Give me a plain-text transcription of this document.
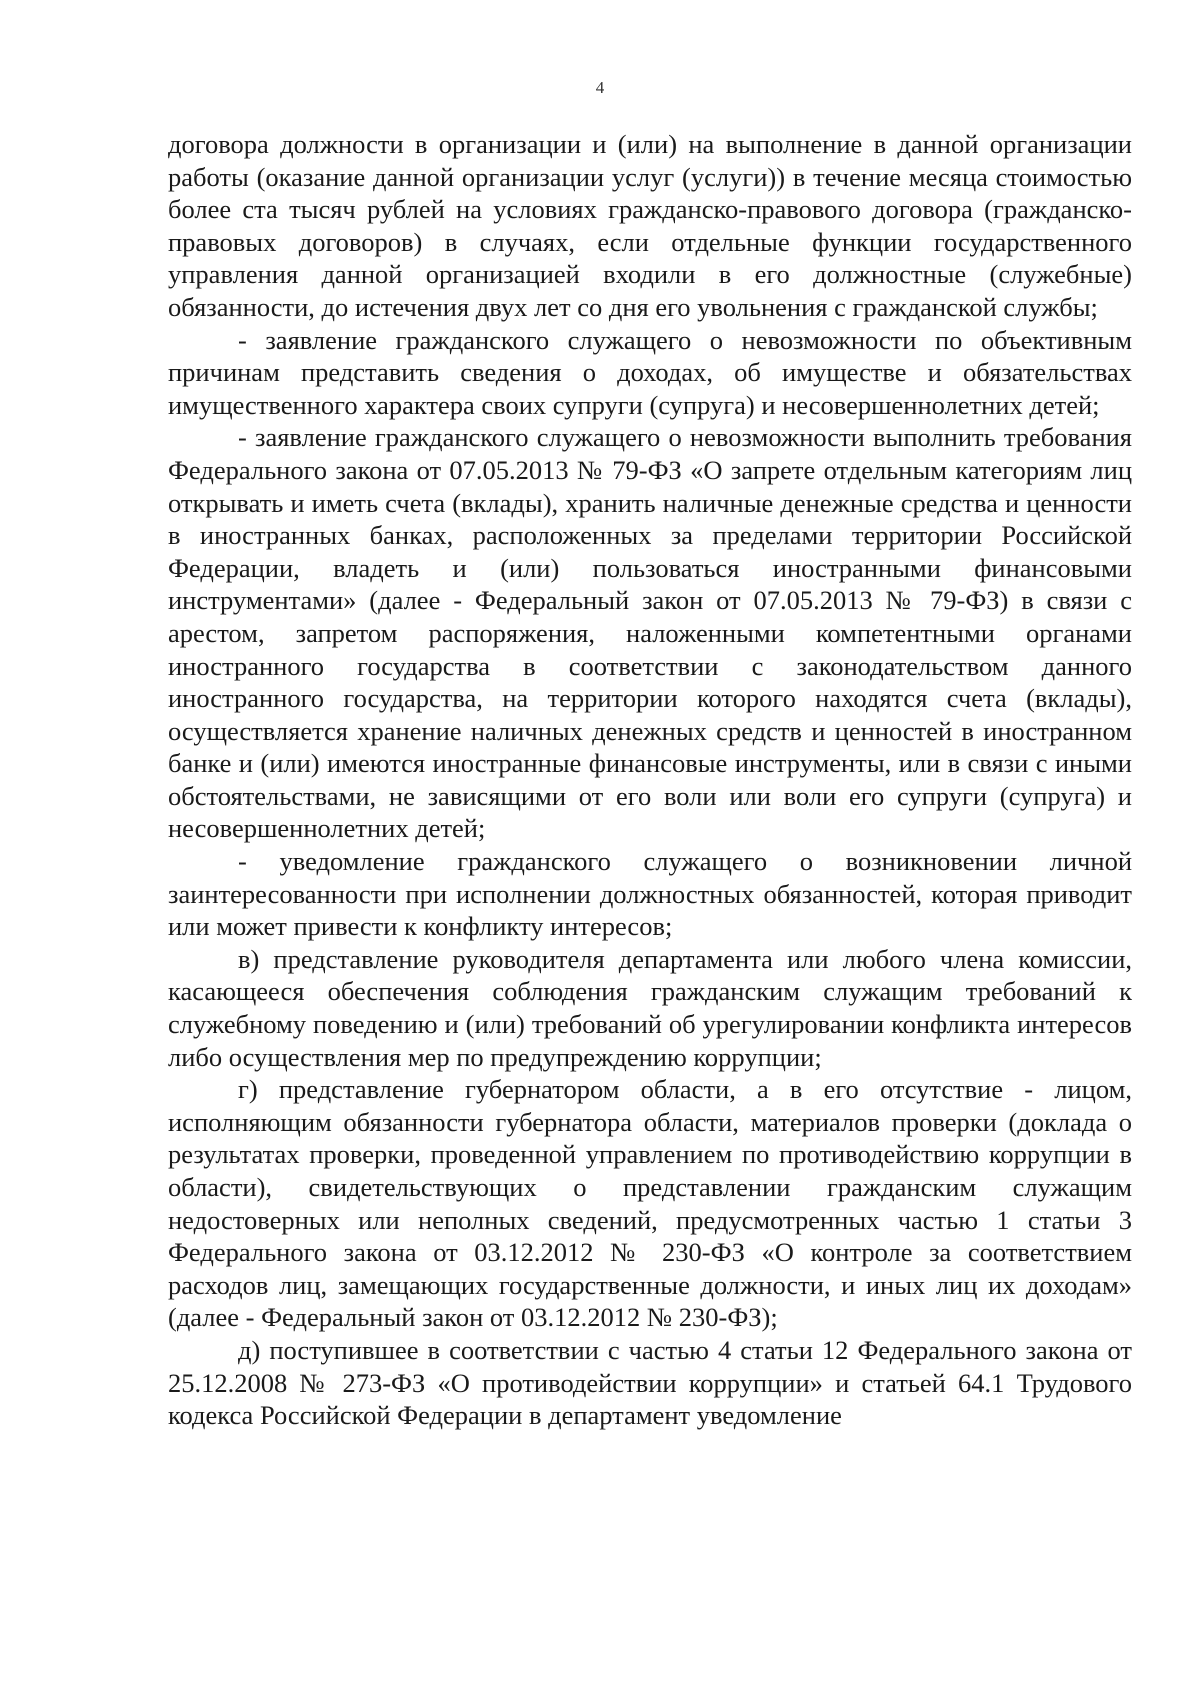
4

договора должности в организации и (или) на выполнение в данной организации работы (оказание данной организации услуг (услуги)) в течение месяца стоимостью более ста тысяч рублей на условиях гражданско-правового договора (гражданско-правовых договоров) в случаях, если отдельные функции государственного управления данной организацией входили в его должностные (служебные) обязанности, до истечения двух лет со дня его увольнения с гражданской службы;

- заявление гражданского служащего о невозможности по объективным причинам представить сведения о доходах, об имуществе и обязательствах имущественного характера своих супруги (супруга) и несовершеннолетних детей;

- заявление гражданского служащего о невозможности выполнить требования Федерального закона от 07.05.2013 № 79-ФЗ «О запрете отдельным категориям лиц открывать и иметь счета (вклады), хранить наличные денежные средства и ценности в иностранных банках, расположенных за пределами территории Российской Федерации, владеть и (или) пользоваться иностранными финансовыми инструментами» (далее - Федеральный закон от 07.05.2013 № 79-ФЗ) в связи с арестом, запретом распоряжения, наложенными компетентными органами иностранного государства в соответствии с законодательством данного иностранного государства, на территории которого находятся счета (вклады), осуществляется хранение наличных денежных средств и ценностей в иностранном банке и (или) имеются иностранные финансовые инструменты, или в связи с иными обстоятельствами, не зависящими от его воли или воли его супруги (супруга) и несовершеннолетних детей;

- уведомление гражданского служащего о возникновении личной заинтересованности при исполнении должностных обязанностей, которая приводит или может привести к конфликту интересов;

в) представление руководителя департамента или любого члена комиссии, касающееся обеспечения соблюдения гражданским служащим требований к служебному поведению и (или) требований об урегулировании конфликта интересов либо осуществления мер по предупреждению коррупции;

г) представление губернатором области, а в его отсутствие - лицом, исполняющим обязанности губернатора области, материалов проверки (доклада о результатах проверки, проведенной управлением по противодействию коррупции в области), свидетельствующих о представлении гражданским служащим недостоверных или неполных сведений, предусмотренных частью 1 статьи 3 Федерального закона от 03.12.2012 № 230-ФЗ «О контроле за соответствием расходов лиц, замещающих государственные должности, и иных лиц их доходам» (далее - Федеральный закон от 03.12.2012 № 230-ФЗ);

д) поступившее в соответствии с частью 4 статьи 12 Федерального закона от 25.12.2008 № 273-ФЗ «О противодействии коррупции» и статьей 64.1 Трудового кодекса Российской Федерации в департамент уведомление
